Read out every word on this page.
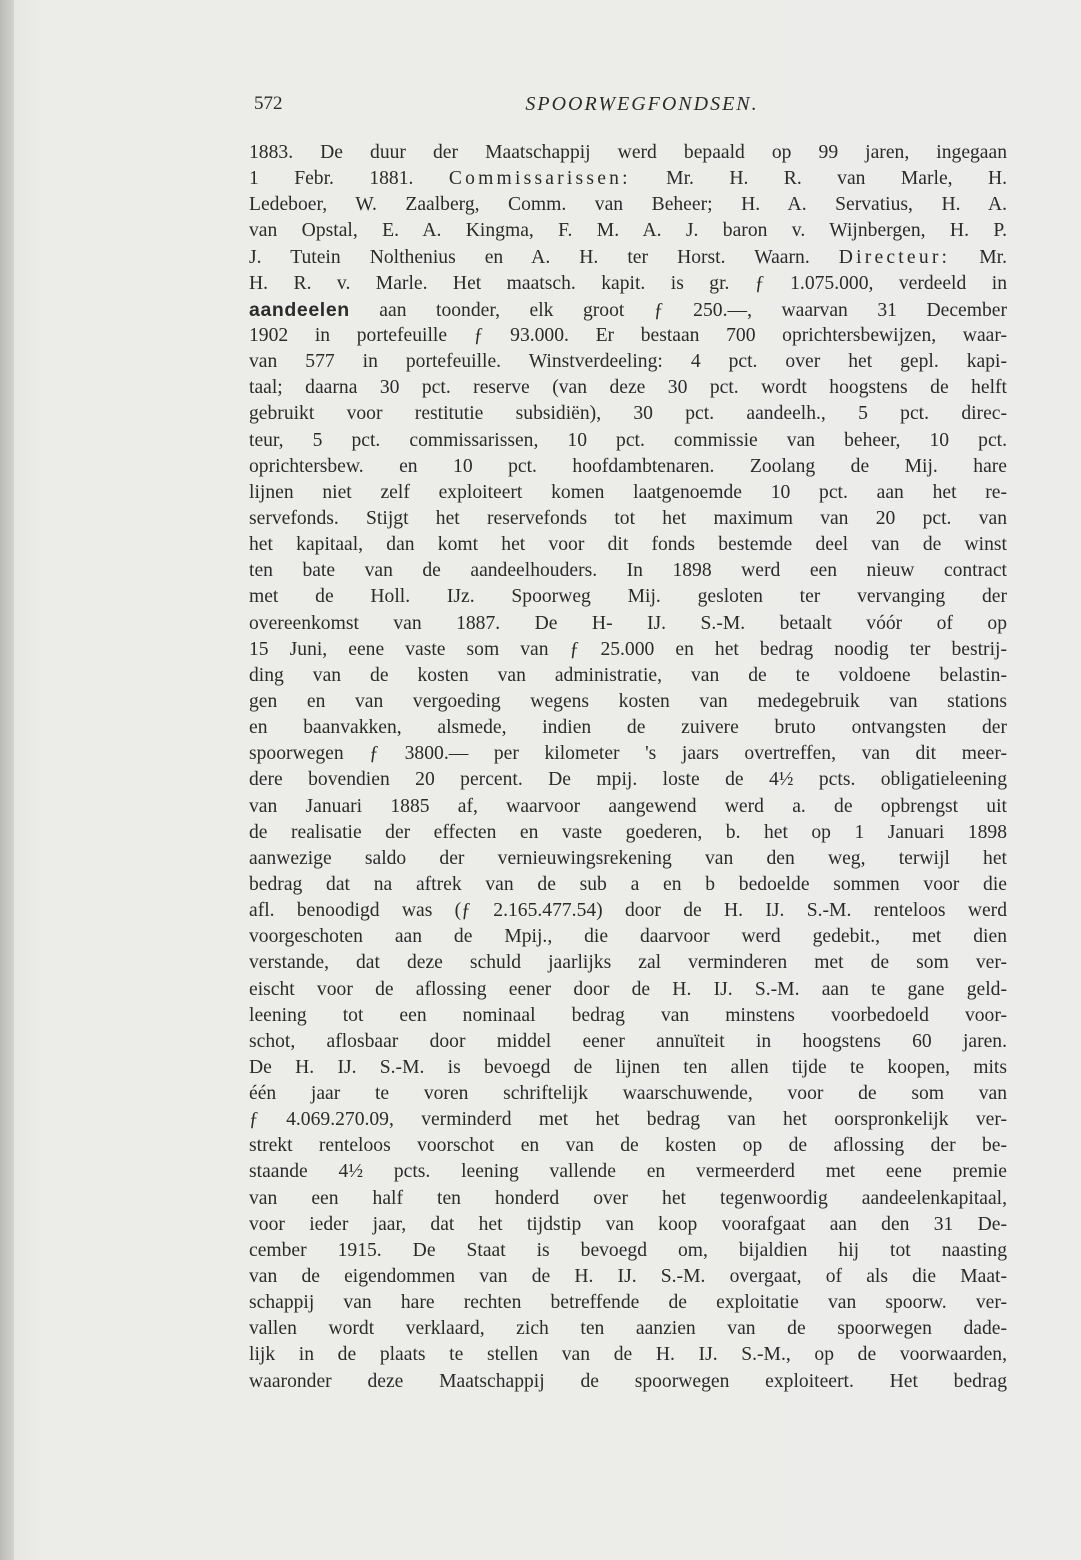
572	SPOORWEGFONDSEN.
1883. De duur der Maatschappij werd bepaald op 99 jaren, ingegaan
1 Febr. 1881. Commissarissen: Mr. H. R. van Marle, H.
Ledeboer, W. Zaalberg, Comm. van Beheer; H. A. Servatius, H. A.
van Opstal, E. A. Kingma, F. M. A. J. baron v. Wijnbergen, H. P.
J. Tutein Nolthenius en A. H. ter Horst. Waarn. Directeur: Mr.
H. R. v. Marle. Het maatsch. kapit. is gr. ƒ 1.075.000, verdeeld in
aandeelen aan toonder, elk groot ƒ 250.—, waarvan 31 December
1902 in portefeuille ƒ 93.000. Er bestaan 700 oprichtersbewijzen, waar-
van 577 in portefeuille. Winstverdeeling: 4 pct. over het gepl. kapi-
taal; daarna 30 pct. reserve (van deze 30 pct. wordt hoogstens de helft
gebruikt voor restitutie subsidiën), 30 pct. aandeelh., 5 pct. direc-
teur, 5 pct. commissarissen, 10 pct. commissie van beheer, 10 pct.
oprichtersbew. en 10 pct. hoofdambtenaren. Zoolang de Mij. hare
lijnen niet zelf exploiteert komen laatgenoemde 10 pct. aan het re-
servefonds. Stijgt het reservefonds tot het maximum van 20 pct. van
het kapitaal, dan komt het voor dit fonds bestemde deel van de winst
ten bate van de aandeelhouders. In 1898 werd een nieuw contract
met de Holl. IJz. Spoorweg Mij. gesloten ter vervanging der
overeenkomst van 1887. De H- IJ. S.-M. betaalt vóór of op
15 Juni, eene vaste som van ƒ 25.000 en het bedrag noodig ter bestrij-
ding van de kosten van administratie, van de te voldoene belastin-
gen en van vergoeding wegens kosten van medegebruik van stations
en baanvakken, alsmede, indien de zuivere bruto ontvangsten der
spoorwegen ƒ 3800.— per kilometer 's jaars overtreffen, van dit meer-
dere bovendien 20 percent. De mpij. loste de 4½ pcts. obligatieleening
van Januari 1885 af, waarvoor aangewend werd a. de opbrengst uit
de realisatie der effecten en vaste goederen, b. het op 1 Januari 1898
aanwezige saldo der vernieuwingsrekening van den weg, terwijl het
bedrag dat na aftrek van de sub a en b bedoelde sommen voor die
afl. benoodigd was (ƒ 2.165.477.54) door de H. IJ. S.-M. renteloos werd
voorgeschoten aan de Mpij., die daarvoor werd gedebit., met dien
verstande, dat deze schuld jaarlijks zal verminderen met de som ver-
eischt voor de aflossing eener door de H. IJ. S.-M. aan te gane geld-
leening tot een nominaal bedrag van minstens voorbedoeld voor-
schot, aflosbaar door middel eener annuïteit in hoogstens 60 jaren.
De H. IJ. S.-M. is bevoegd de lijnen ten allen tijde te koopen, mits
één jaar te voren schriftelijk waarschuwende, voor de som van
ƒ 4.069.270.09, verminderd met het bedrag van het oorspronkelijk ver-
strekt renteloos voorschot en van de kosten op de aflossing der be-
staande 4½ pcts. leening vallende en vermeerderd met eene premie
van een half ten honderd over het tegenwoordig aandeelenkapitaal,
voor ieder jaar, dat het tijdstip van koop voorafgaat aan den 31 De-
cember 1915. De Staat is bevoegd om, bijaldien hij tot naasting
van de eigendommen van de H. IJ. S.-M. overgaat, of als die Maat-
schappij van hare rechten betreffende de exploitatie van spoorw. ver-
vallen wordt verklaard, zich ten aanzien van de spoorwegen dade-
lijk in de plaats te stellen van de H. IJ. S.-M., op de voorwaarden,
waaronder deze Maatschappij de spoorwegen exploiteert. Het bedrag
